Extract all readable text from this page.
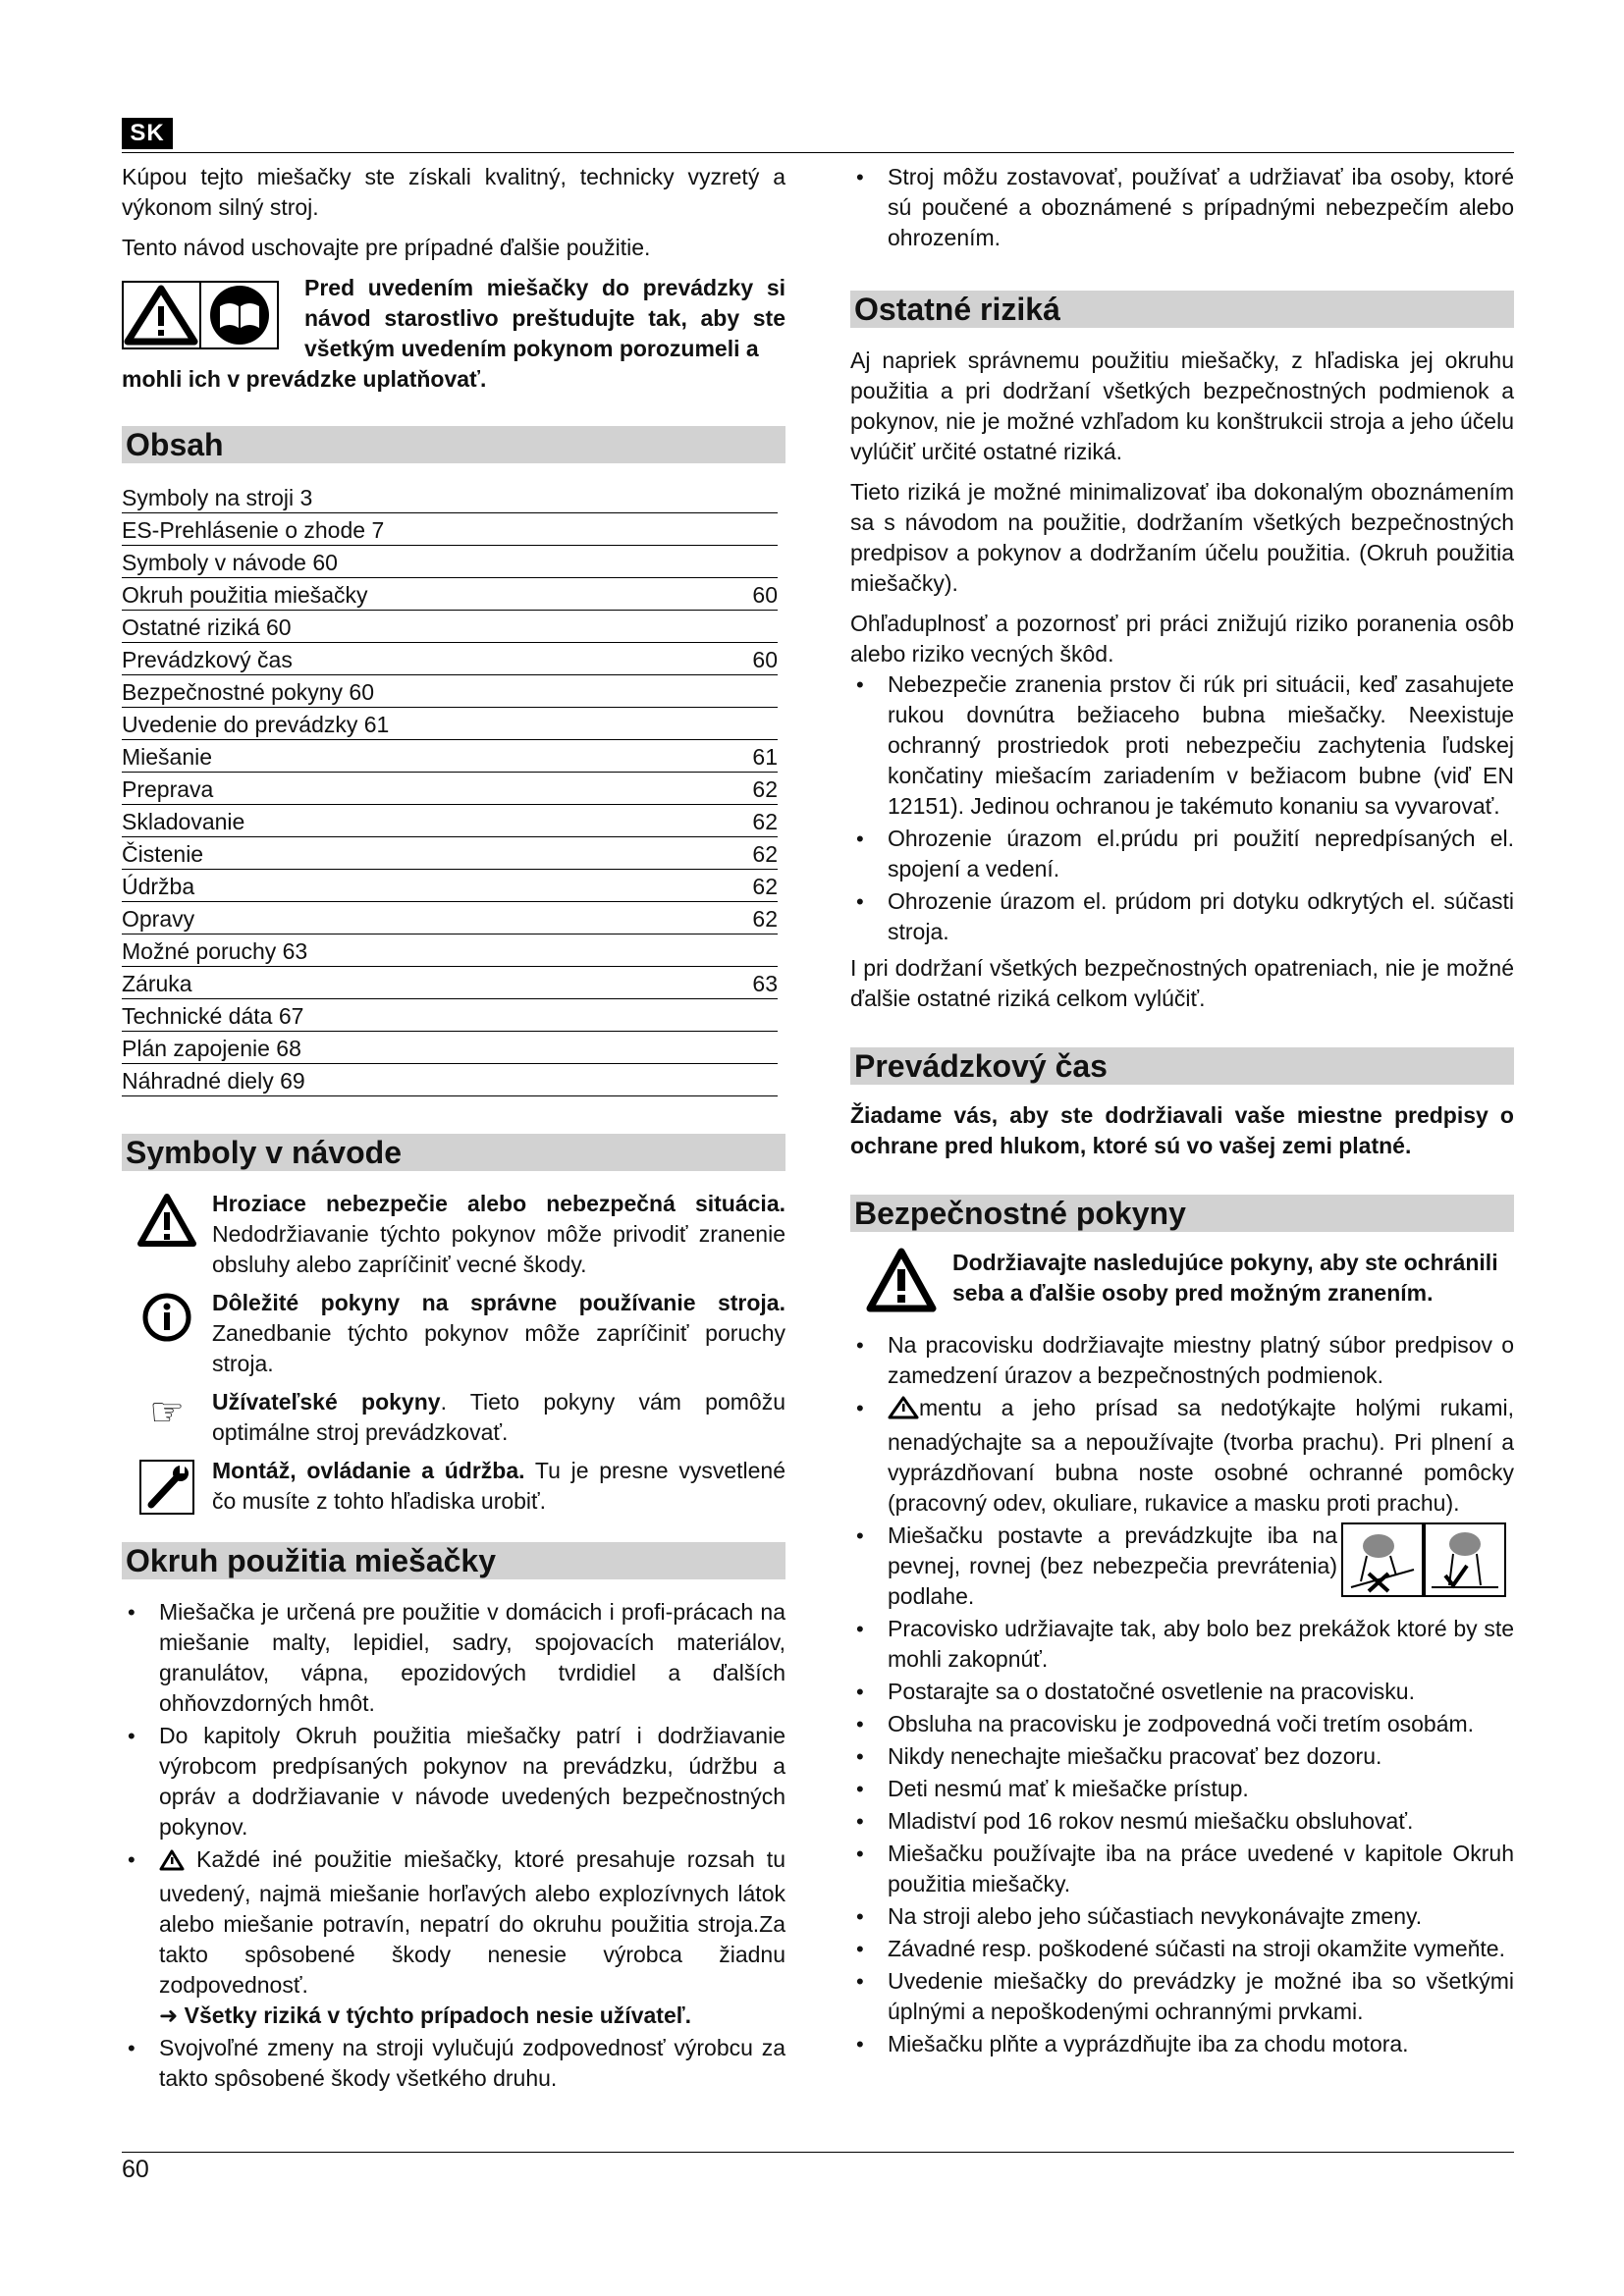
SK

Kúpou tejto miešačky ste získali kvalitný, technicky vyzretý a výkonom silný stroj.

Tento návod uschovajte pre prípadné ďalšie použitie.

Pred uvedením miešačky do prevádzky si návod starostlivo preštudujte tak, aby ste všetkým uvedením pokynom porozumeli a

mohli ich v prevádzke uplatňovať.

Obsah
Symboly na stroji 3	
ES-Prehlásenie o zhode 7	
Symboly v návode 60	
Okruh použitia miešačky	60
Ostatné riziká 60	
Prevádzkový čas	60
Bezpečnostné pokyny 60	
Uvedenie do prevádzky 61	
Miešanie	61
Preprava	62
Skladovanie	62
Čistenie	62
Údržba	62
Opravy	62
Možné poruchy 63	
Záruka	63
Technické dáta 67	
Plán zapojenie 68	
Náhradné diely 69	
Symboly v návode
Hroziace nebezpečie alebo nebezpečná situácia. Nedodržiavanie týchto pokynov môže privodiť zranenie obsluhy alebo zapríčiniť vecné škody.
Dôležité pokyny na správne používanie stroja. Zanedbanie týchto pokynov môže zapríčiniť poruchy stroja.
☞	Užívateľské pokyny. Tieto pokyny vám pomôžu optimálne stroj prevádzkovať.
Montáž, ovládanie a údržba. Tu je presne vysvetlené čo musíte z tohto hľadiska urobiť.
Okruh použitia miešačky
• Miešačka je určená pre použitie v domácich i profi-prácach na miešanie malty, lepidiel, sadry, spojovacích materiálov, granulátov, vápna, epozidových tvrdidiel a ďalších ohňovzdorných hmôt.
• Do kapitoly Okruh použitia miešačky patrí i dodržiavanie výrobcom predpísaných pokynov na prevádzku, údržbu a opráv a dodržiavanie v návode uvedených bezpečnostných pokynov.
• Každé iné použitie miešačky, ktoré presahuje rozsah tu uvedený, najmä miešanie horľavých alebo explozívnych látok alebo miešanie potravín, nepatrí do okruhu použitia stroja.Za takto spôsobené škody nenesie výrobca žiadnu zodpovednosť.
➜ Všetky riziká v týchto prípadoch nesie užívateľ.
• Svojvoľné zmeny na stroji vylučujú zodpovednosť výrobcu za takto spôsobené škody všetkého druhu.
• Stroj môžu zostavovať, používať a udržiavať iba osoby, ktoré sú poučené a oboznámené s prípadnými nebezpečím alebo ohrozením.
Ostatné riziká

Aj napriek správnemu použitiu miešačky, z hľadiska jej okruhu použitia a pri dodržaní všetkých bezpečnostných podmienok a pokynov, nie je možné vzhľadom ku konštrukcii stroja a jeho účelu vylúčiť určité ostatné riziká.

Tieto riziká je možné minimalizovať iba dokonalým oboznámením sa s návodom na použitie, dodržaním všetkých bezpečnostných predpisov a pokynov a dodržaním účelu použitia. (Okruh použitia miešačky).

Ohľaduplnosť a pozornosť pri práci znižujú riziko poranenia osôb alebo riziko vecných škôd.

• Nebezpečie zranenia prstov či rúk pri situácii, keď zasahujete rukou dovnútra bežiaceho bubna miešačky. Neexistuje ochranný prostriedok proti nebezpečiu zachytenia ľudskej končatiny miešacím zariadením v bežiacom bubne (viď EN 12151). Jedinou ochranou je takémuto konaniu sa vyvarovať.
• Ohrozenie úrazom el.prúdu pri použití nepredpísaných el. spojení a vedení.
• Ohrozenie úrazom el. prúdom pri dotyku odkrytých el. súčasti stroja.

I pri dodržaní všetkých bezpečnostných opatreniach, nie je možné ďalšie ostatné riziká celkom vylúčiť.

Prevádzkový čas

Žiadame vás, aby ste dodržiavali vaše miestne predpisy o ochrane pred hlukom, ktoré sú vo vašej zemi platné.

Bezpečnostné pokyny

Dodržiavajte nasledujúce pokyny, aby ste ochránili seba a ďalšie osoby pred možným zranením.

• Na pracovisku dodržiavajte miestny platný súbor predpisov o zamedzení úrazov a bezpečnostných podmienok.
• mentu a jeho prísad sa nedotýkajte holými rukami, nenadýchajte sa a nepoužívajte (tvorba prachu). Pri plnení a vyprázdňovaní bubna noste osobné ochranné pomôcky (pracovný odev, okuliare, rukavice a masku proti prachu).
• Miešačku postavte a prevádzkujte iba na pevnej, rovnej (bez nebezpečia prevrátenia) podlahe.
• Pracovisko udržiavajte tak, aby bolo bez prekážok ktoré by ste mohli zakopnúť.
• Postarajte sa o dostatočné osvetlenie na pracovisku.
• Obsluha na pracovisku je zodpovedná voči tretím osobám.
• Nikdy nenechajte miešačku pracovať bez dozoru.
• Deti nesmú mať k miešačke prístup.
• Mladiství pod 16 rokov nesmú miešačku obsluhovať.
• Miešačku používajte iba na práce uvedené v kapitole Okruh použitia miešačky.
• Na stroji alebo jeho súčastiach nevykonávajte zmeny.
• Závadné resp. poškodené súčasti na stroji okamžite vymeňte.
• Uvedenie miešačky do prevádzky je možné iba so všetkými úplnými a nepoškodenými ochrannými prvkami.
• Miešačku plňte a vyprázdňujte iba za chodu motora.
60
